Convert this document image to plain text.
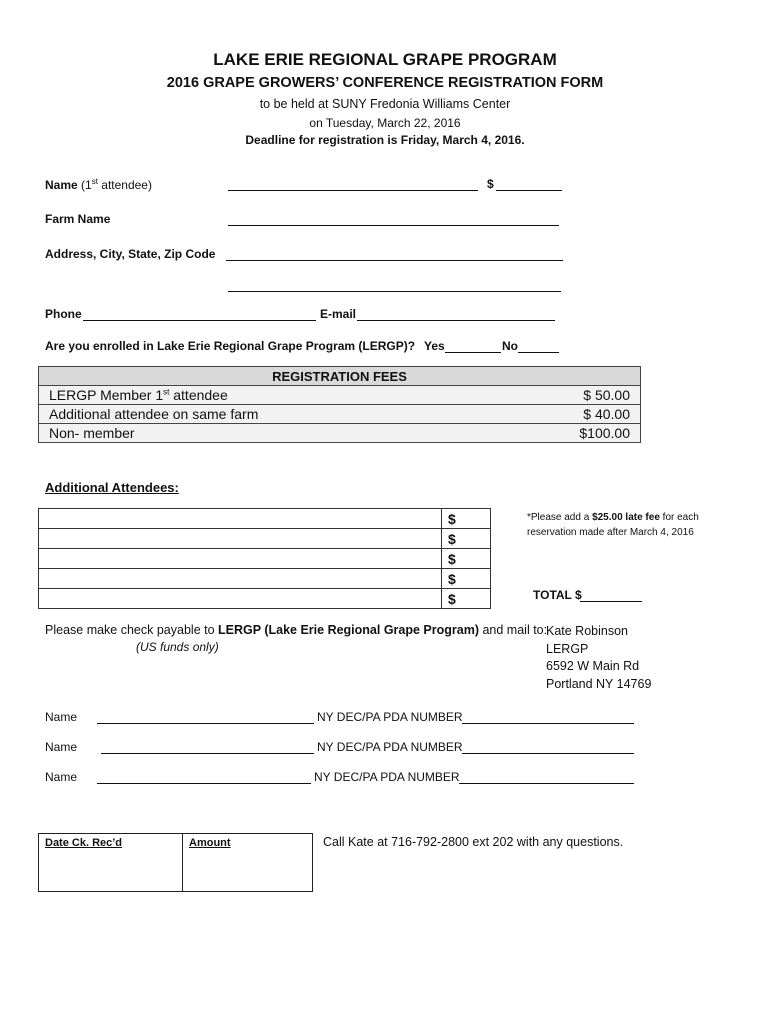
LAKE ERIE REGIONAL GRAPE PROGRAM
2016 GRAPE GROWERS’ CONFERENCE REGISTRATION FORM
to be held at SUNY Fredonia Williams Center
on Tuesday, March 22, 2016
Deadline for registration is Friday, March 4, 2016.
Name (1st attendee)	$
Farm Name
Address, City, State, Zip Code
Phone	E-mail
Are you enrolled in Lake Erie Regional Grape Program (LERGP)? Yes	No
REGISTRATION FEES	
LERGP Member 1st attendee	$ 50.00
Additional attendee on same farm	$ 40.00
Non- member	$100.00
Additional Attendees:
	$
	$
	$
	$
	$
*Please add a $25.00 late fee for each reservation made after March 4, 2016
TOTAL $
Please make check payable to LERGP (Lake Erie Regional Grape Program) and mail to:
(US funds only)
Kate Robinson
LERGP
6592 W Main Rd
Portland NY 14769
Name	NY DEC/PA PDA NUMBER
Name	NY DEC/PA PDA NUMBER
Name	NY DEC/PA PDA NUMBER
Date Ck. Rec’d	Amount	Call Kate at 716-792-2800 ext 202 with any questions.
